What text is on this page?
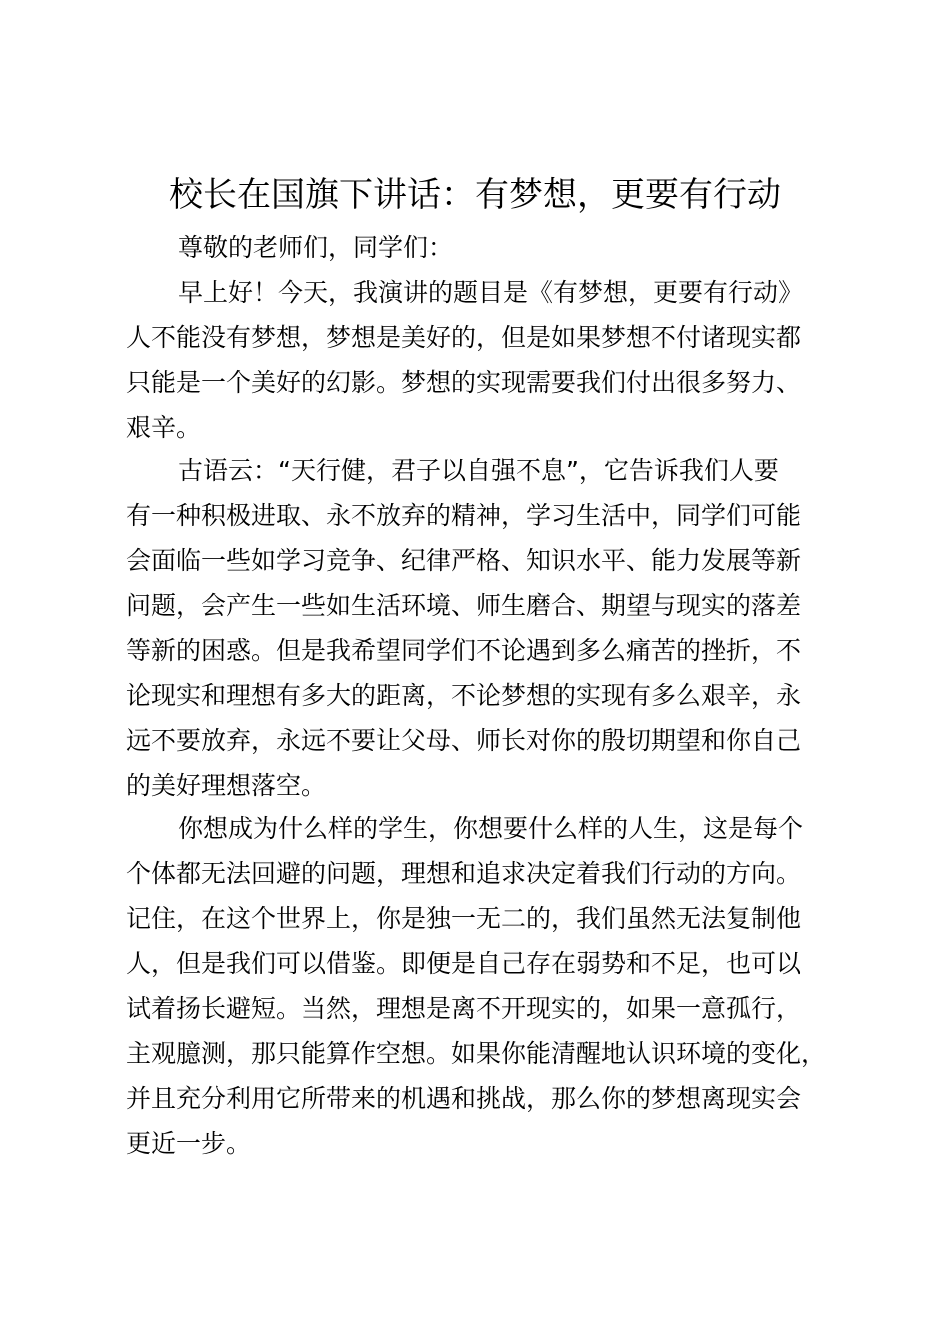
校长在国旗下讲话：有梦想，更要有行动
尊敬的老师们，同学们：
早上好！今天，我演讲的题目是《有梦想，更要有行动》
人不能没有梦想，梦想是美好的，但是如果梦想不付诸现实都
只能是一个美好的幻影。梦想的实现需要我们付出很多努力、
艰辛。
古语云：“天行健，君子以自强不息”，它告诉我们人要
有一种积极进取、永不放弃的精神，学习生活中，同学们可能
会面临一些如学习竞争、纪律严格、知识水平、能力发展等新
问题，会产生一些如生活环境、师生磨合、期望与现实的落差
等新的困惑。但是我希望同学们不论遇到多么痛苦的挫折，不
论现实和理想有多大的距离，不论梦想的实现有多么艰辛，永
远不要放弃，永远不要让父母、师长对你的殷切期望和你自己
的美好理想落空。
你想成为什么样的学生，你想要什么样的人生，这是每个
个体都无法回避的问题，理想和追求决定着我们行动的方向。
记住，在这个世界上，你是独一无二的，我们虽然无法复制他
人，但是我们可以借鉴。即便是自己存在弱势和不足，也可以
试着扬长避短。当然，理想是离不开现实的，如果一意孤行，
主观臆测，那只能算作空想。如果你能清醒地认识环境的变化，
并且充分利用它所带来的机遇和挑战，那么你的梦想离现实会
更近一步。
